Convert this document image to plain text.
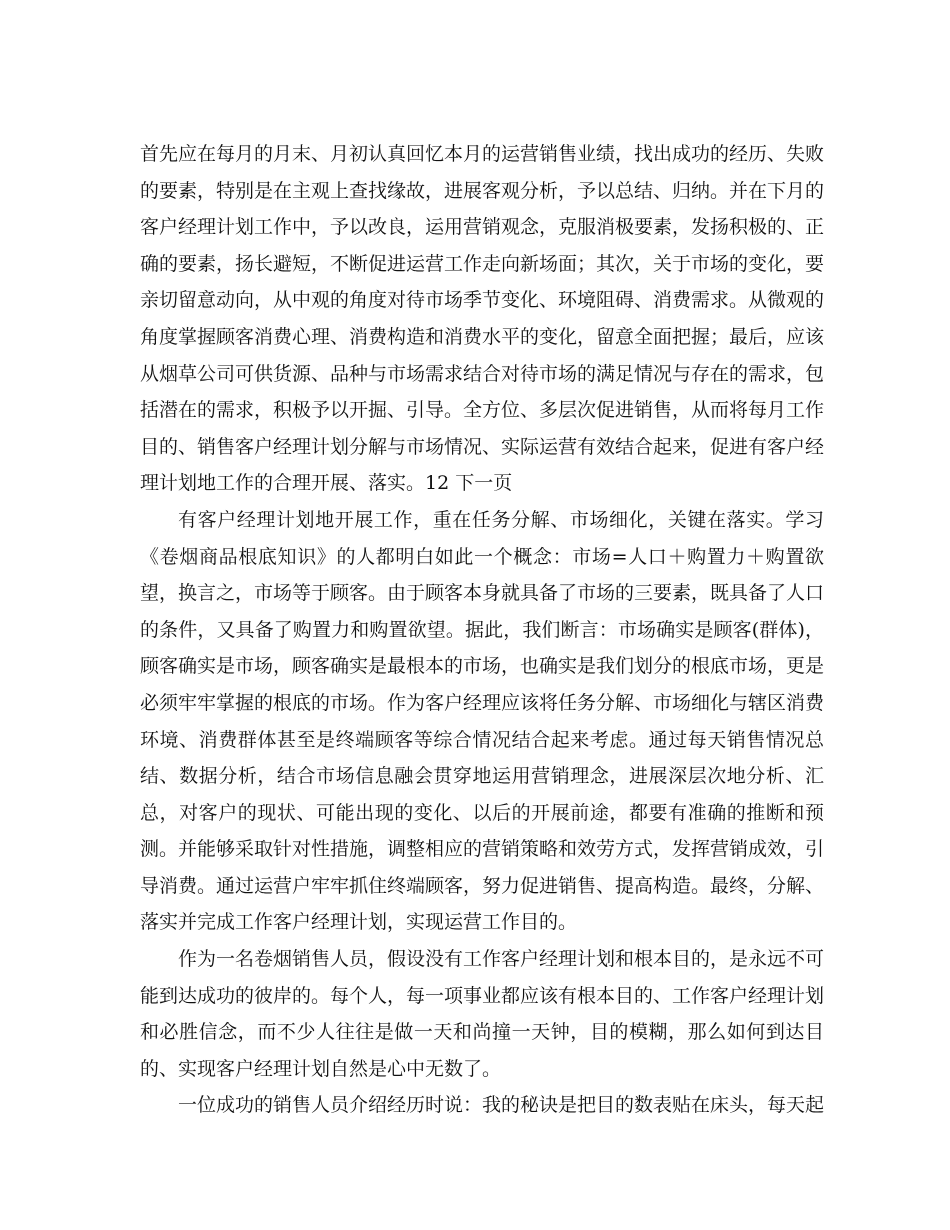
首先应在每月的月末、月初认真回忆本月的运营销售业绩，找出成功的经历、失败的要素，特别是在主观上查找缘故，进展客观分析，予以总结、归纳。并在下月的客户经理计划工作中，予以改良，运用营销观念，克服消极要素，发扬积极的、正确的要素，扬长避短，不断促进运营工作走向新场面；其次，关于市场的变化，要亲切留意动向，从中观的角度对待市场季节变化、环境阻碍、消费需求。从微观的角度掌握顾客消费心理、消费构造和消费水平的变化，留意全面把握；最后，应该从烟草公司可供货源、品种与市场需求结合对待市场的满足情况与存在的需求，包括潜在的需求，积极予以开掘、引导。全方位、多层次促进销售，从而将每月工作目的、销售客户经理计划分解与市场情况、实际运营有效结合起来，促进有客户经理计划地工作的合理开展、落实。12 下一页

有客户经理计划地开展工作，重在任务分解、市场细化，关键在落实。学习《卷烟商品根底知识》的人都明白如此一个概念：市场=人口＋购置力＋购置欲望，换言之，市场等于顾客。由于顾客本身就具备了市场的三要素，既具备了人口的条件，又具备了购置力和购置欲望。据此，我们断言：市场确实是顾客(群体)，顾客确实是市场，顾客确实是最根本的市场，也确实是我们划分的根底市场，更是必须牢牢掌握的根底的市场。作为客户经理应该将任务分解、市场细化与辖区消费环境、消费群体甚至是终端顾客等综合情况结合起来考虑。通过每天销售情况总结、数据分析，结合市场信息融会贯穿地运用营销理念，进展深层次地分析、汇总，对客户的现状、可能出现的变化、以后的开展前途，都要有准确的推断和预测。并能够采取针对性措施，调整相应的营销策略和效劳方式，发挥营销成效，引导消费。通过运营户牢牢抓住终端顾客，努力促进销售、提高构造。最终，分解、落实并完成工作客户经理计划，实现运营工作目的。

作为一名卷烟销售人员，假设没有工作客户经理计划和根本目的，是永远不可能到达成功的彼岸的。每个人，每一项事业都应该有根本目的、工作客户经理计划和必胜信念，而不少人往往是做一天和尚撞一天钟，目的模糊，那么如何到达目的、实现客户经理计划自然是心中无数了。

一位成功的销售人员介绍经历时说：我的秘诀是把目的数表贴在床头，每天起
